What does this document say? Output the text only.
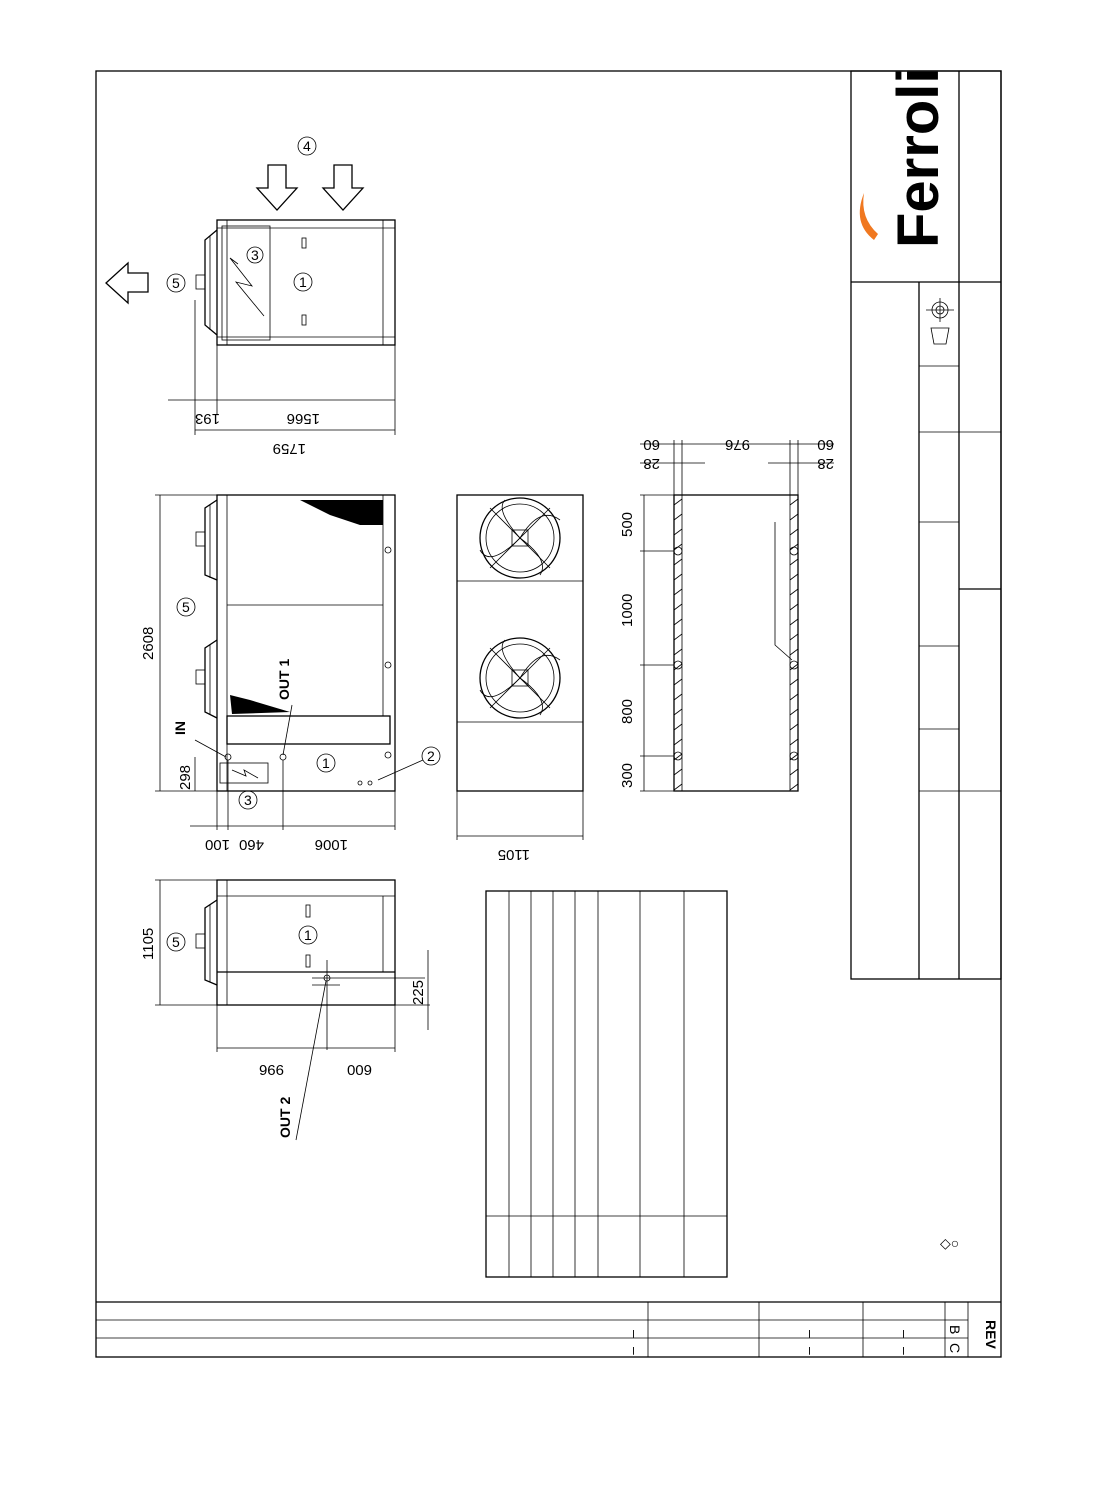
Ferroli
REV
B
C
–
–
–
–
–
–
◇○
1
3
4
5
193	1566
1759
5
1	2
3
IN
OUT 1
2608
298
100 460	1006
1105
500
1000
800
300
60
28
976	60
28
1
5
225
OUT 2
1105
996	600
